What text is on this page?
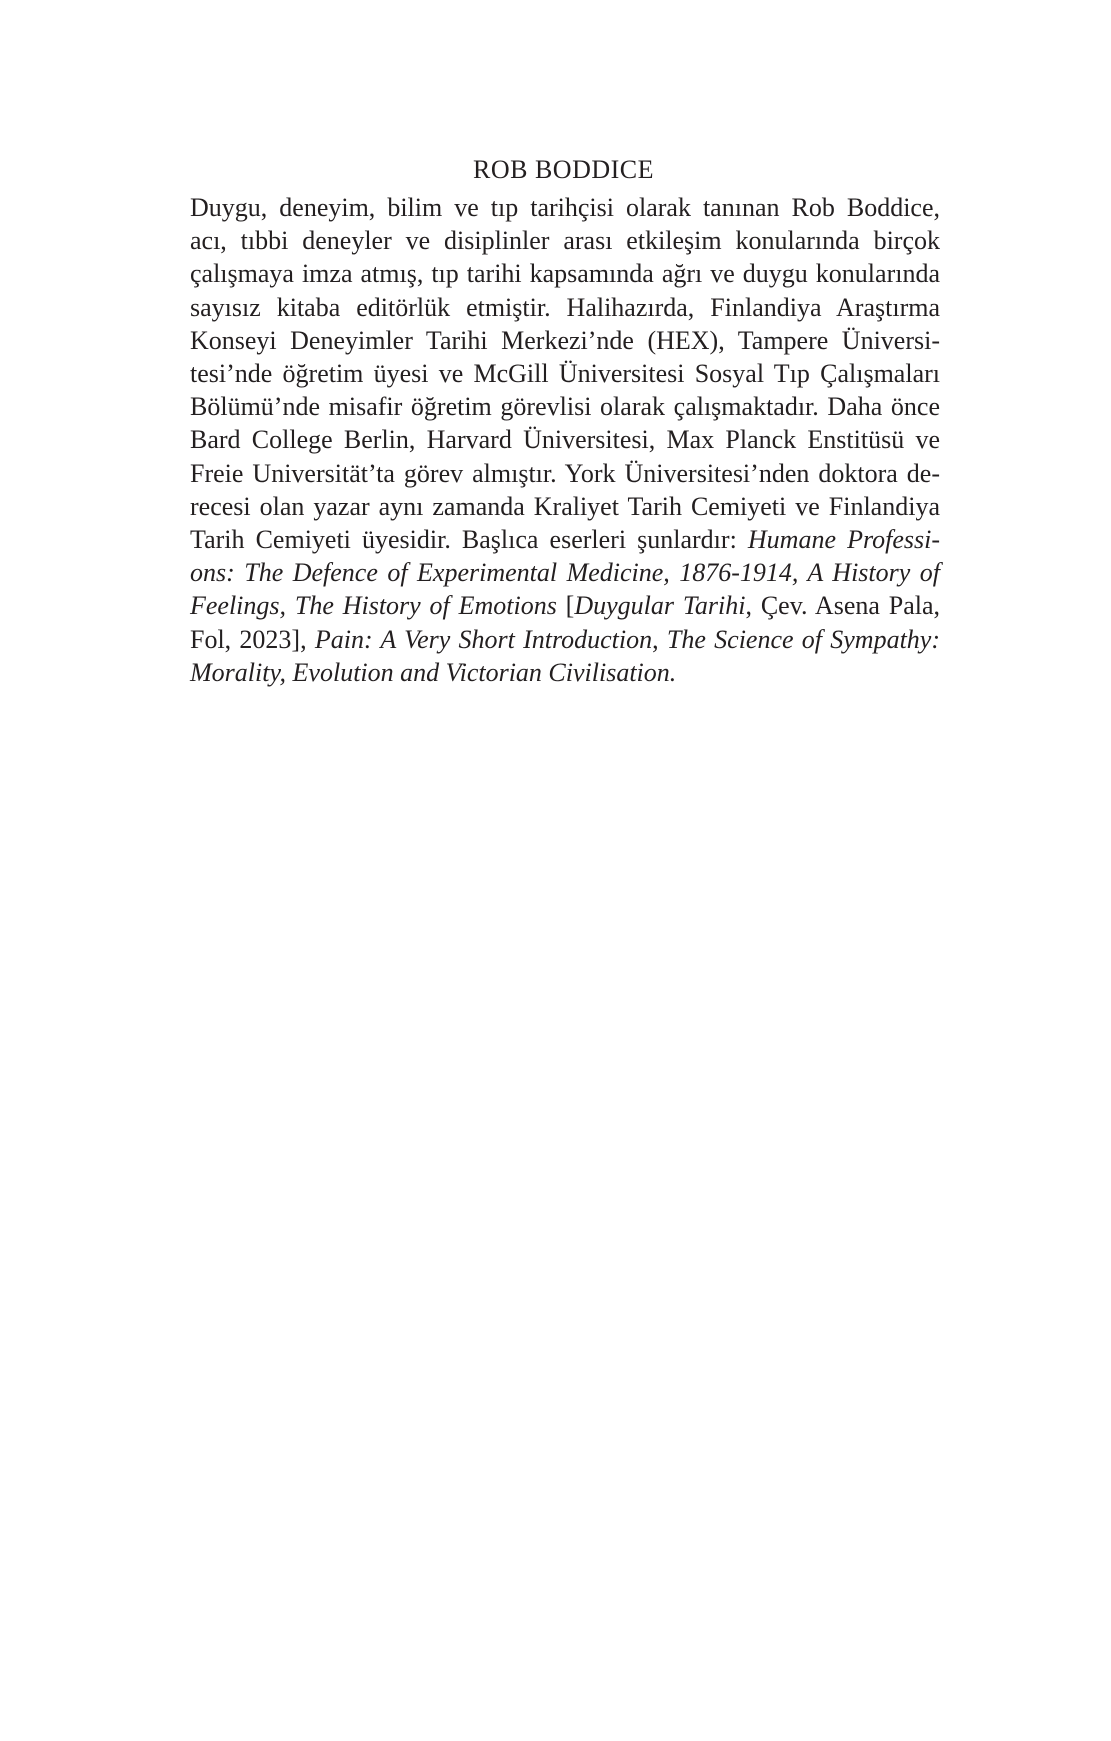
ROB BODDICE

Duygu, deneyim, bilim ve tıp tarihçisi olarak tanınan Rob Boddice,
acı, tıbbi deneyler ve disiplinler arası etkileşim konularında birçok
çalışmaya imza atmış, tıp tarihi kapsamında ağrı ve duygu konularında
sayısız kitaba editörlük etmiştir. Halihazırda, Finlandiya Araştırma
Konseyi Deneyimler Tarihi Merkezi’nde (HEX), Tampere Üniversi-
tesi’nde öğretim üyesi ve McGill Üniversitesi Sosyal Tıp Çalışmaları
Bölümü’nde misafir öğretim görevlisi olarak çalışmaktadır. Daha önce
Bard College Berlin, Harvard Üniversitesi, Max Planck Enstitüsü ve
Freie Universität’ta görev almıştır. York Üniversitesi’nden doktora de-
recesi olan yazar aynı zamanda Kraliyet Tarih Cemiyeti ve Finlandiya
Tarih Cemiyeti üyesidir. Başlıca eserleri şunlardır: Humane Professi-
ons: The Defence of Experimental Medicine, 1876-1914, A History of
Feelings, The History of Emotions [Duygular Tarihi, Çev. Asena Pala,
Fol, 2023], Pain: A Very Short Introduction, The Science of Sympathy:
Morality, Evolution and Victorian Civilisation.
